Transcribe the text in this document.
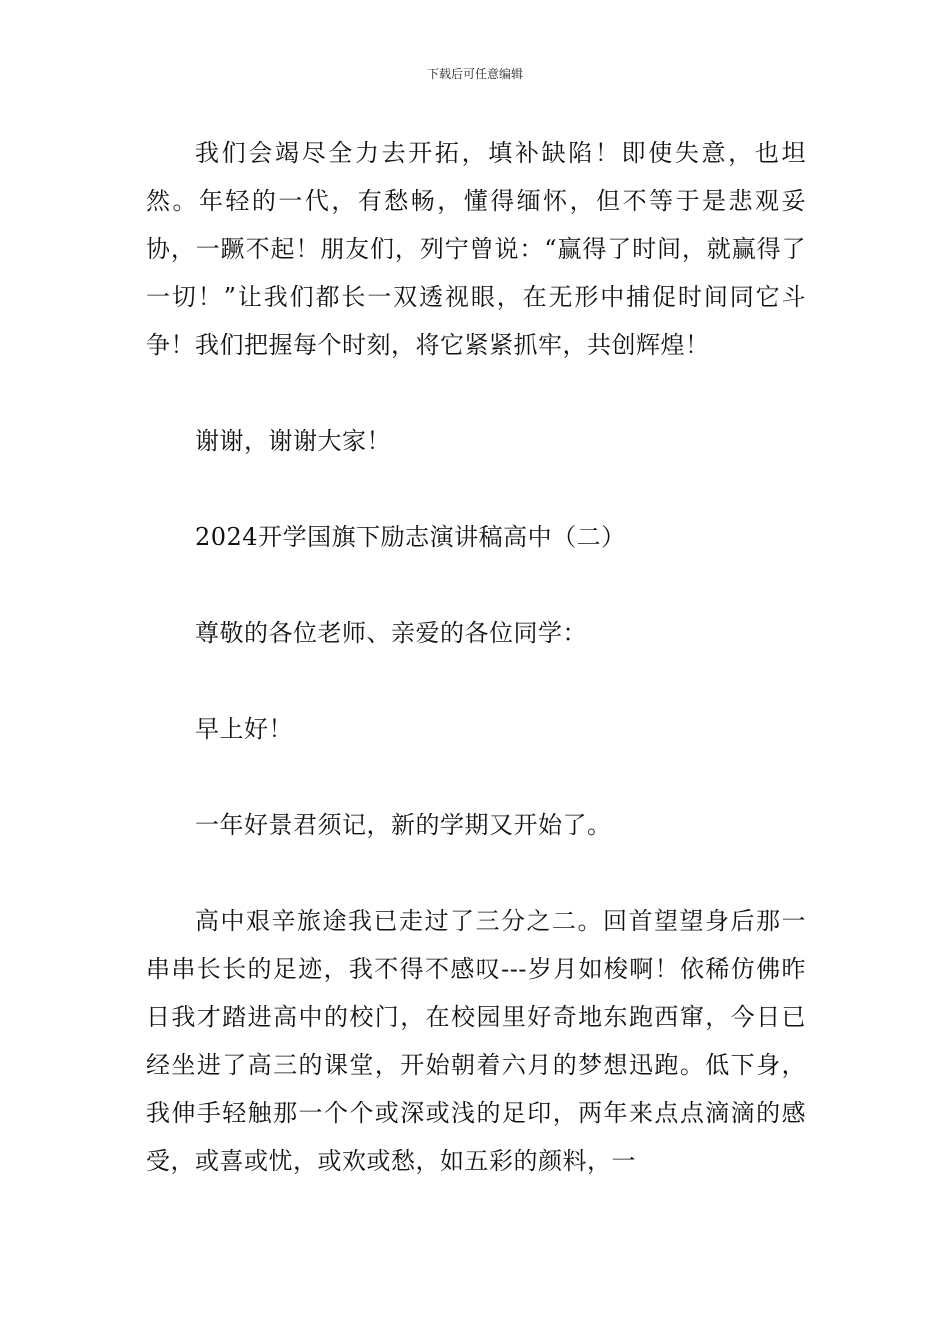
下载后可任意编辑

我们会竭尽全力去开拓，填补缺陷！即使失意，也坦然。年轻的一代，有愁畅，懂得缅怀，但不等于是悲观妥协，一蹶不起！朋友们，列宁曾说：“赢得了时间，就赢得了一切！”让我们都长一双透视眼，在无形中捕促时间同它斗争！我们把握每个时刻，将它紧紧抓牢，共创辉煌！

谢谢，谢谢大家！

2024开学国旗下励志演讲稿高中（二）

尊敬的各位老师、亲爱的各位同学：

早上好！

一年好景君须记，新的学期又开始了。

高中艰辛旅途我已走过了三分之二。回首望望身后那一串串长长的足迹，我不得不感叹---岁月如梭啊！依稀仿佛昨日我才踏进高中的校门，在校园里好奇地东跑西窜，今日已经坐进了高三的课堂，开始朝着六月的梦想迅跑。低下身，我伸手轻触那一个个或深或浅的足印，两年来点点滴滴的感受，或喜或忧，或欢或愁，如五彩的颜料，一
